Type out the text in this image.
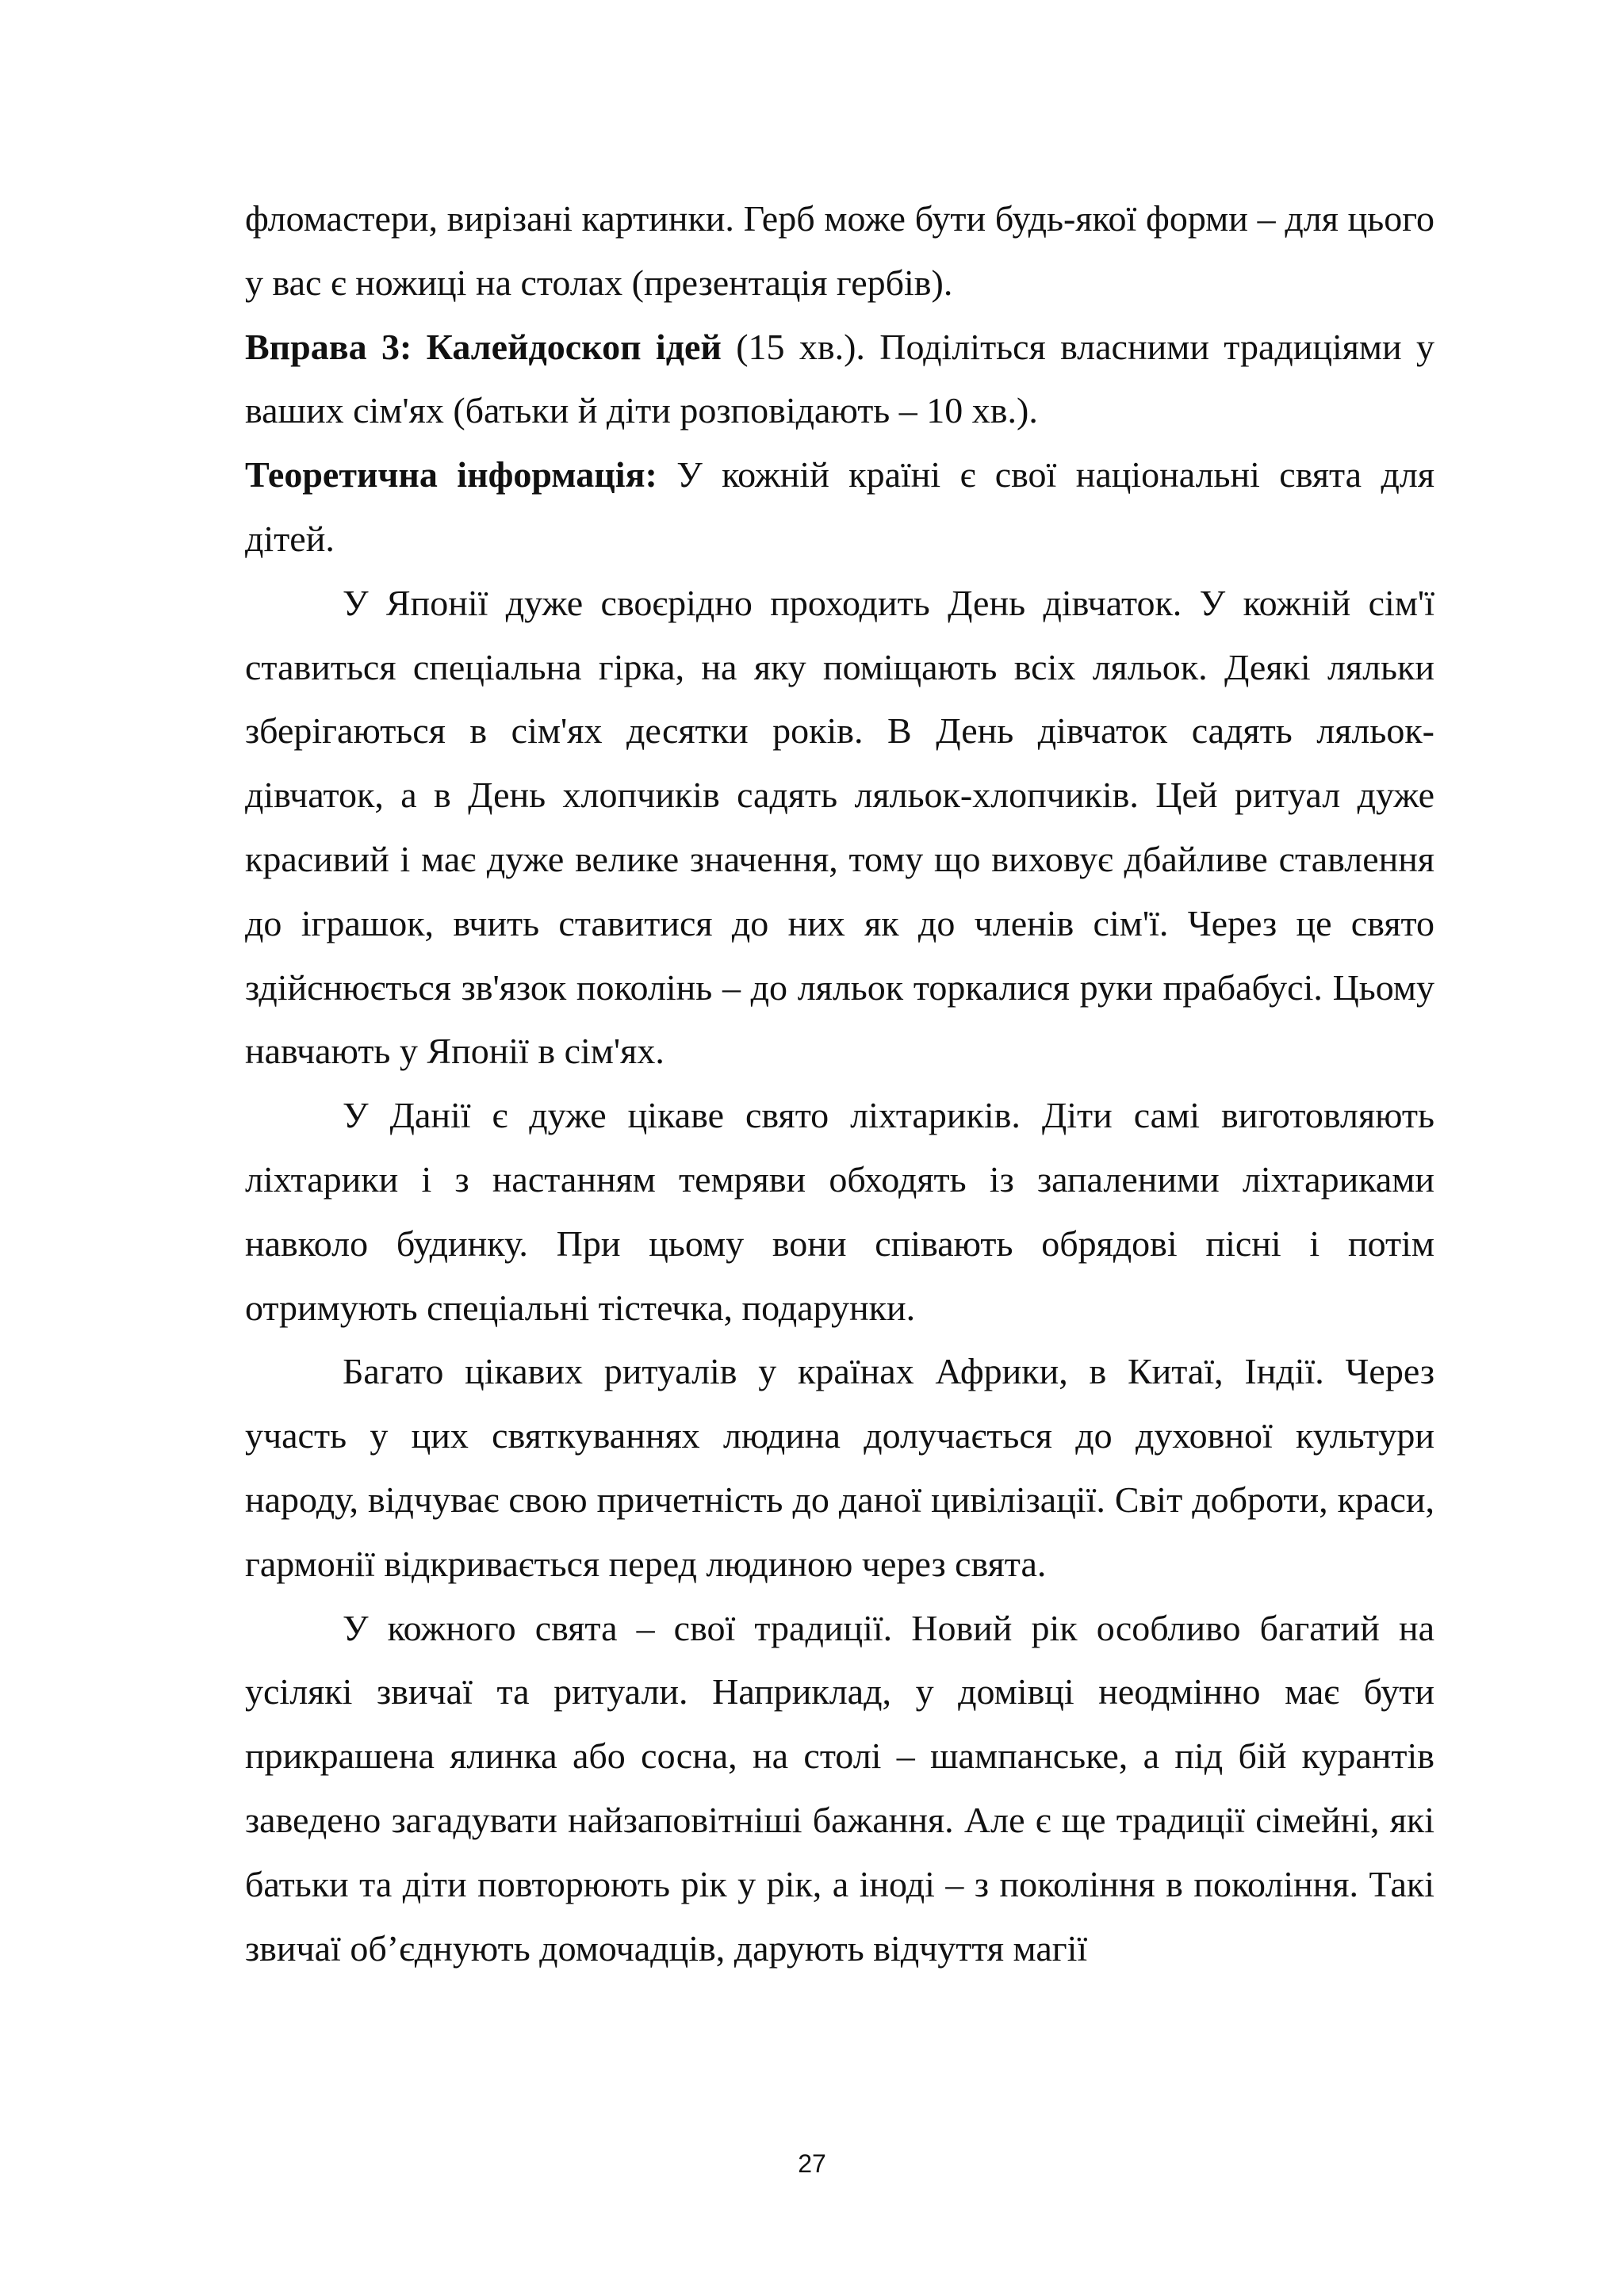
фломастери, вирізані картинки. Герб може бути будь-якої форми – для цього у вас є ножиці на столах (презентація гербів).

Вправа 3: Калейдоскоп ідей (15 хв.). Поділіться власними традиціями у ваших сім'ях (батьки й діти розповідають – 10 хв.).

Теоретична інформація: У кожній країні є свої національні свята для дітей.

У Японії дуже своєрідно проходить День дівчаток. У кожній сім'ї ставиться спеціальна гірка, на яку поміщають всіх ляльок. Деякі ляльки зберігаються в сім'ях десятки років. В День дівчаток садять ляльок-дівчаток, а в День хлопчиків садять ляльок-хлопчиків. Цей ритуал дуже красивий і має дуже велике значення, тому що виховує дбайливе ставлення до іграшок, вчить ставитися до них як до членів сім'ї. Через це свято здійснюється зв'язок поколінь – до ляльок торкалися руки прабабусі. Цьому навчають у Японії в сім'ях.

У Данії є дуже цікаве свято ліхтариків. Діти самі виготовляють ліхтарики і з настанням темряви обходять із запаленими ліхтариками навколо будинку. При цьому вони співають обрядові пісні і потім отримують спеціальні тістечка, подарунки.

Багато цікавих ритуалів у країнах Африки, в Китаї, Індії. Через участь у цих святкуваннях людина долучається до духовної культури народу, відчуває свою причетність до даної цивілізації. Світ доброти, краси, гармонії відкривається перед людиною через свята.

У кожного свята – свої традиції. Новий рік особливо багатий на усілякі звичаї та ритуали. Наприклад, у домівці неодмінно має бути прикрашена ялинка або сосна, на столі – шампанське, а під бій курантів заведено загадувати найзаповітніші бажання. Але є ще традиції сімейні, які батьки та діти повторюють рік у рік, а іноді – з покоління в покоління. Такі звичаї об’єднують домочадців, дарують відчуття магії

27
